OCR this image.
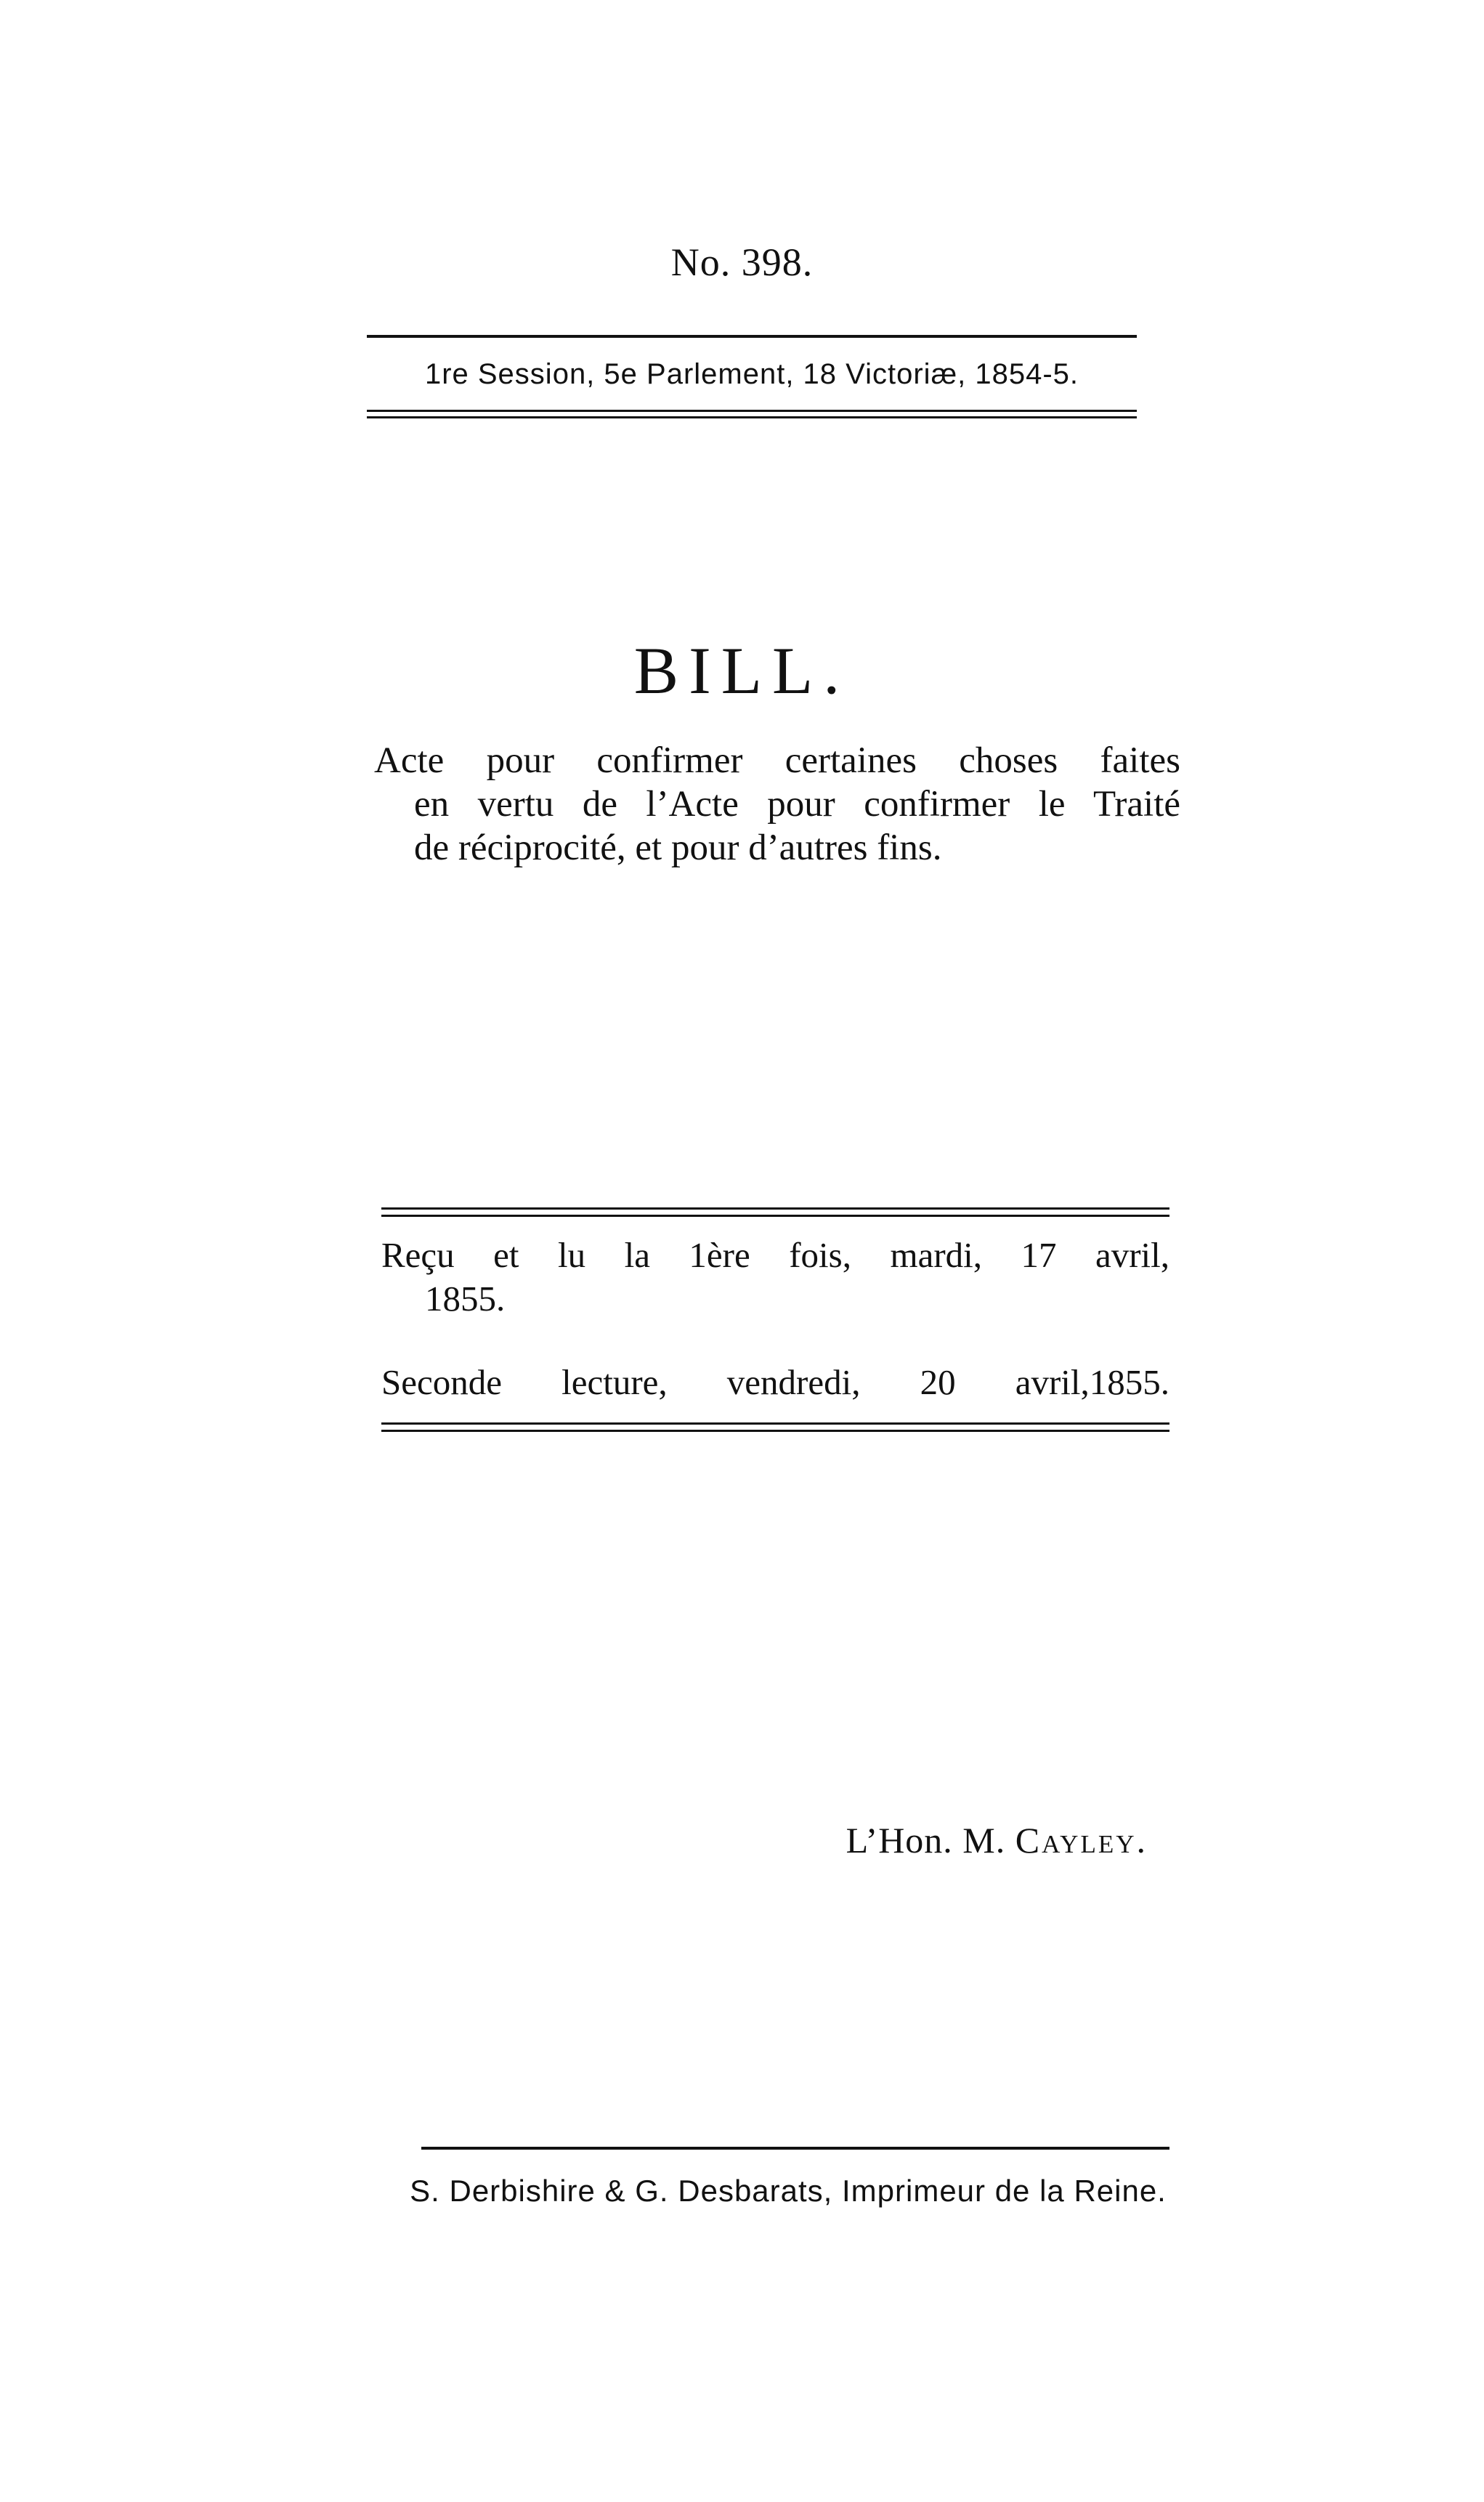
No. 398.
1re Session, 5e Parlement, 18 Victoriæ, 1854-5.
BILL.
Acte pour confirmer certaines choses faites
en vertu de l’Acte pour confirmer le Traité
de réciprocité, et pour d’autres fins.
Reçu et lu la 1ère fois, mardi, 17 avril,
1855.
Seconde lecture, vendredi, 20 avril,1855.
L’Hon. M. Cayley.
S. Derbishire & G. Desbarats, Imprimeur de la Reine.
